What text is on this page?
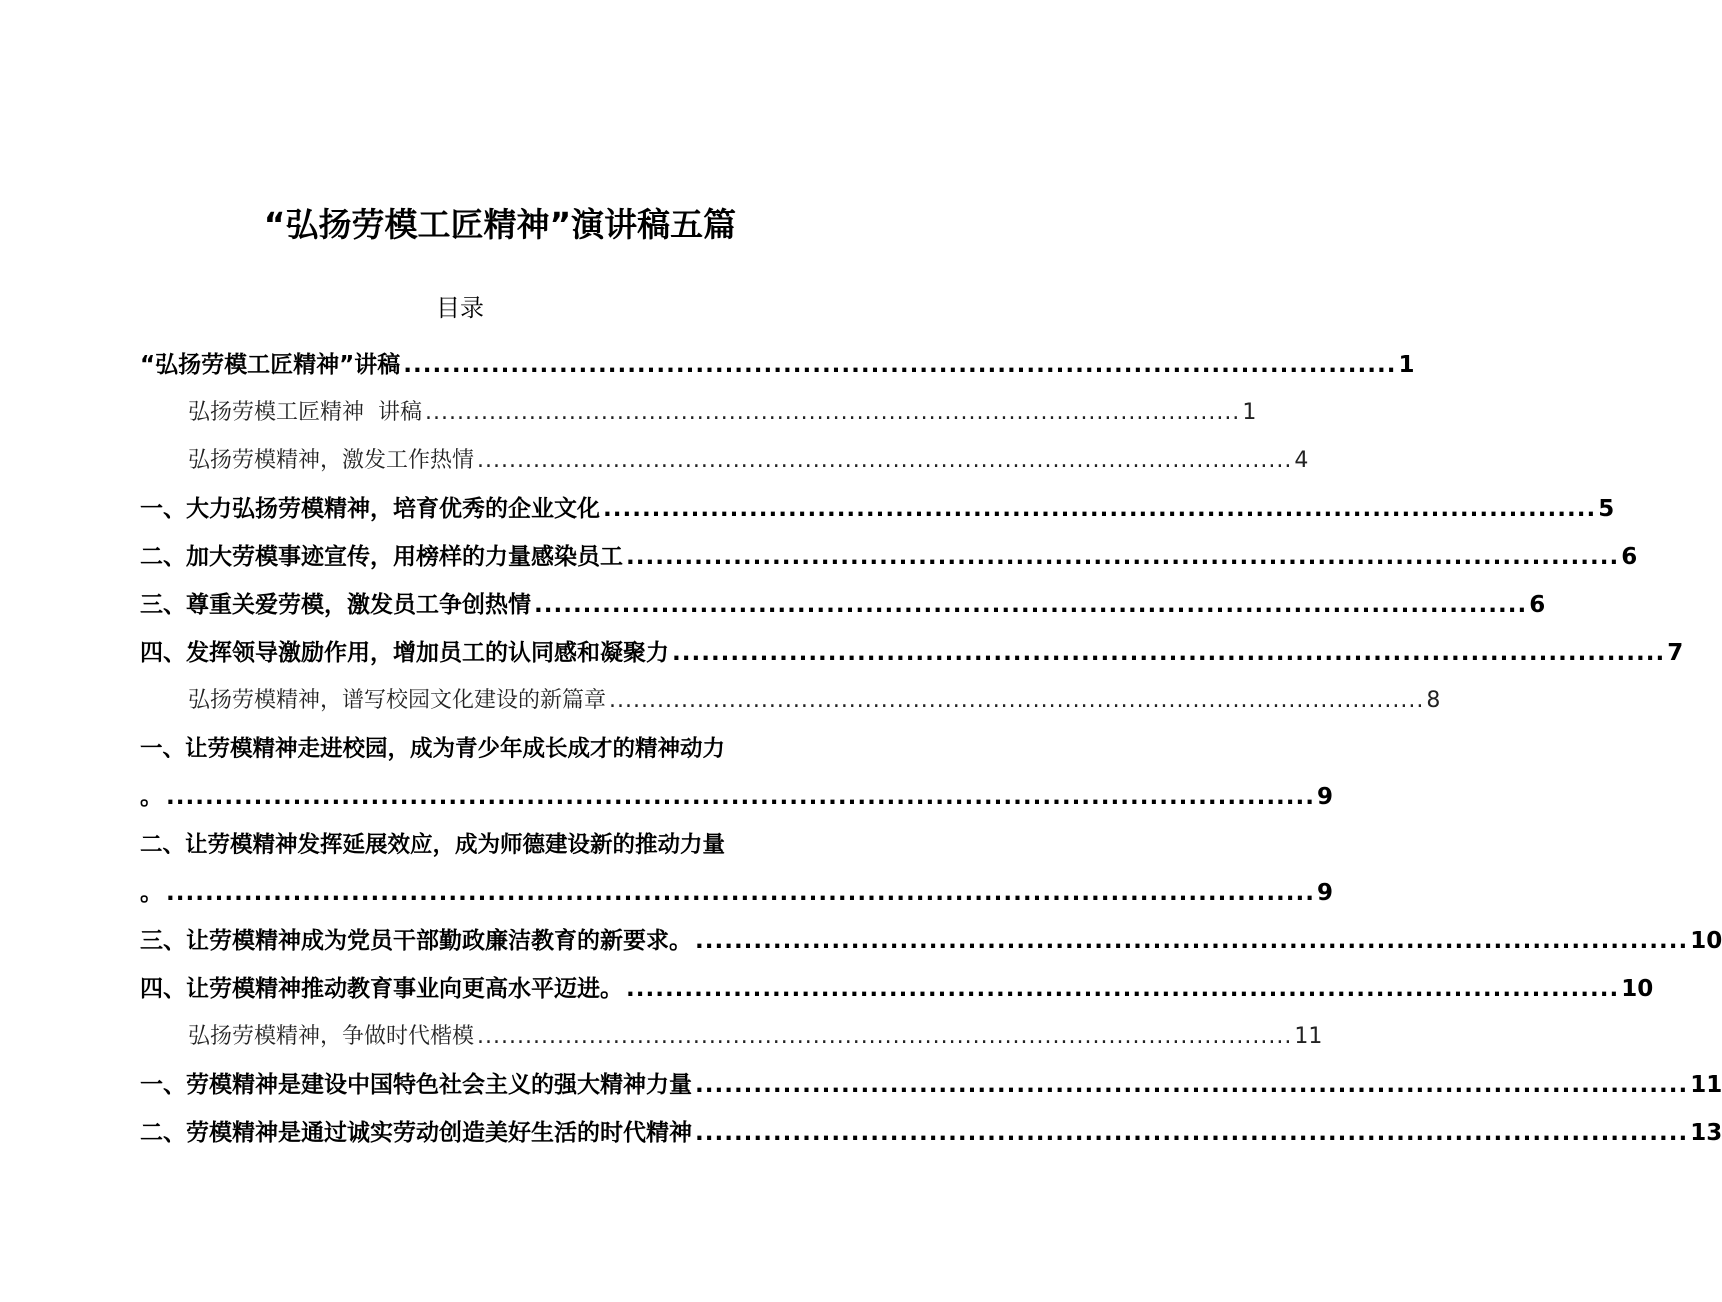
“弘扬劳模工匠精神”演讲稿五篇
目录
“弘扬劳模工匠精神”讲稿 ...................................................................................................... 1
弘扬劳模工匠精神  讲稿 ...................................................................................................... 1
弘扬劳模精神，激发工作热情 ...................................................................................................... 4
一、大力弘扬劳模精神，培育优秀的企业文化 ...................................................................................................... 5
二、加大劳模事迹宣传，用榜样的力量感染员工 ...................................................................................................... 6
三、尊重关爱劳模，激发员工争创热情 ...................................................................................................... 6
四、发挥领导激励作用，增加员工的认同感和凝聚力 ...................................................................................................... 7
弘扬劳模精神，谱写校园文化建设的新篇章 ...................................................................................................... 8
一、让劳模精神走进校园，成为青少年成长成才的精神动力
。 ...................................................................................................................... 9
二、让劳模精神发挥延展效应，成为师德建设新的推动力量
。 ...................................................................................................................... 9
三、让劳模精神成为党员干部勤政廉洁教育的新要求。 ...................................................................................................... 10
四、让劳模精神推动教育事业向更高水平迈进。 ...................................................................................................... 10
弘扬劳模精神，争做时代楷模 ...................................................................................................... 11
一、劳模精神是建设中国特色社会主义的强大精神力量 ...................................................................................................... 11
二、劳模精神是通过诚实劳动创造美好生活的时代精神 ...................................................................................................... 13
